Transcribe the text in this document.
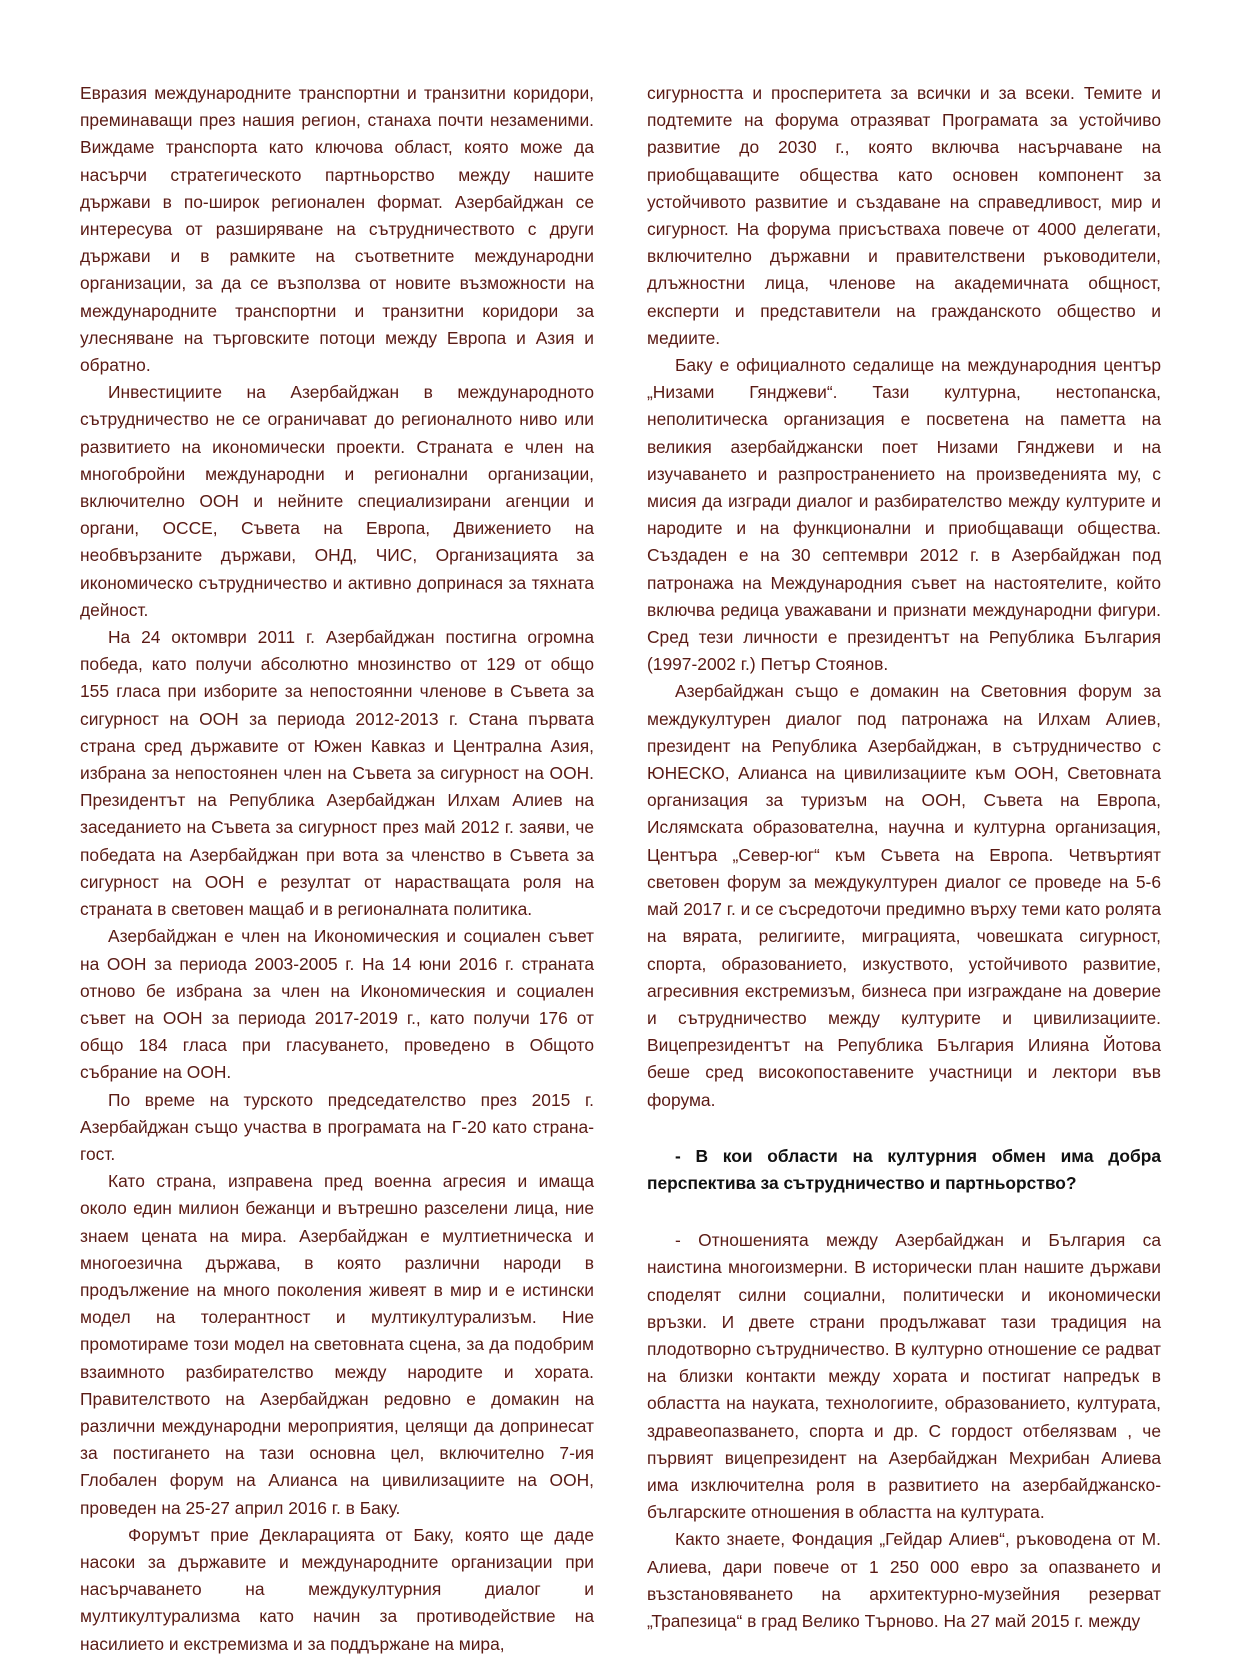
Евразия международните транспортни и транзитни коридори, преминаващи през нашия регион, станаха почти незаменими. Виждаме транспорта като ключова област, която може да насърчи стратегическото партньорство между нашите държави в по-широк регионален формат. Азербайджан се интересува от разширяване на сътрудничеството с други държави и в рамките на съответните международни организации, за да се възползва от новите възможности на международните транспортни и транзитни коридори за улесняване на търговските потоци между Европа и Азия и обратно.

Инвестициите на Азербайджан в международното сътрудничество не се ограничават до регионалното ниво или развитието на икономически проекти. Страната е член на многобройни международни и регионални организации, включително ООН и нейните специализирани агенции и органи, ОССЕ, Съвета на Европа, Движението на необвързаните държави, ОНД, ЧИС, Организацията за икономическо сътрудничество и активно допринася за тяхната дейност.

На 24 октомври 2011 г. Азербайджан постигна огромна победа, като получи абсолютно мнозинство от 129 от общо 155 гласа при изборите за непостоянни членове в Съвета за сигурност на ООН за периода 2012-2013 г. Стана първата страна сред държавите от Южен Кавказ и Централна Азия, избрана за непостоянен член на Съвета за сигурност на ООН. Президентът на Република Азербайджан Илхам Алиев на заседанието на Съвета за сигурност през май 2012 г. заяви, че победата на Азербайджан при вота за членство в Съвета за сигурност на ООН е резултат от нарастващата роля на страната в световен мащаб и в регионалната политика.

Азербайджан е член на Икономическия и социален съвет на ООН за периода 2003-2005 г. На 14 юни 2016 г. страната отново бе избрана за член на Икономическия и социален съвет на ООН за периода 2017-2019 г., като получи 176 от общо 184 гласа при гласуването, проведено в Общото събрание на ООН.

По време на турското председателство през 2015 г. Азербайджан също участва в програмата на Г-20 като страна-гост.

Като страна, изправена пред военна агресия и имаща около един милион бежанци и вътрешно разселени лица, ние знаем цената на мира. Азербайджан е мултиетническа и многоезична държава, в която различни народи в продължение на много поколения живеят в мир и е истински модел на толерантност и мултикултурализъм. Ние промотираме този модел на световната сцена, за да подобрим взаимното разбирателство между народите и хората. Правителството на Азербайджан редовно е домакин на различни международни мероприятия, целящи да допринесат за постигането на тази основна цел, включително 7-ия Глобален форум на Алианса на цивилизациите на ООН, проведен на 25-27 април 2016 г. в Баку.

Форумът прие Декларацията от Баку, която ще даде насоки за държавите и международните организации при насърчаването на междукултурния диалог и мултикултурализма като начин за противодействие на насилието и екстремизма и за поддържане на мира,

сигурността и просперитета за всички и за всеки. Темите и подтемите на форума отразяват Програмата за устойчиво развитие до 2030 г., която включва насърчаване на приобщаващите общества като основен компонент за устойчивото развитие и създаване на справедливост, мир и сигурност. На форума присъстваха повече от 4000 делегати, включително държавни и правителствени ръководители, длъжностни лица, членове на академичната общност, експерти и представители на гражданското общество и медиите.

Баку е официалното седалище на международния център „Низами Гянджеви“. Тази културна, нестопанска, неполитическа организация е посветена на паметта на великия азербайджански поет Низами Гянджеви и на изучаването и разпространението на произведенията му, с мисия да изгради диалог и разбирателство между културите и народите и на функционални и приобщаващи общества. Създаден е на 30 септември 2012 г. в Азербайджан под патронажа на Международния съвет на настоятелите, който включва редица уважавани и признати международни фигури. Сред тези личности е президентът на Република България (1997-2002 г.) Петър Стоянов.

Азербайджан също е домакин на Световния форум за междукултурен диалог под патронажа на Илхам Алиев, президент на Република Азербайджан, в сътрудничество с ЮНЕСКО, Алианса на цивилизациите към ООН, Световната организация за туризъм на ООН, Съвета на Европа, Ислямската образователна, научна и културна организация, Центъра „Север-юг“ към Съвета на Европа. Четвъртият световен форум за междукултурен диалог се проведе на 5-6 май 2017 г. и се съсредоточи предимно върху теми като ролята на вярата, религиите, миграцията, човешката сигурност, спорта, образованието, изкуството, устойчивото развитие, агресивния екстремизъм, бизнеса при изграждане на доверие и сътрудничество между културите и цивилизациите. Вицепрезидентът на Република България Илияна Йотова беше сред високопоставените участници и лектори във форума.

- В кои области на културния обмен има добра перспектива за сътрудничество и партньорство?

- Отношенията между Азербайджан и България са наистина многоизмерни. В исторически план нашите държави споделят силни социални, политически и икономически връзки. И двете страни продължават тази традиция на плодотворно сътрудничество. В културно отношение се радват на близки контакти между хората и постигат напредък в областта на науката, технологиите, образованието, културата, здравеопазването, спорта и др. С гордост отбелязвам , че първият вицепрезидент на Азербайджан Мехрибан Алиева има изключителна роля в развитието на азербайджанско-българските отношения в областта на културата.

Както знаете, Фондация „Гейдар Алиев“, ръководена от М. Алиева, дари повече от 1 250 000 евро за опазването и възстановяването на архитектурно-музейния резерват „Трапезица“ в град Велико Търново. На 27 май 2015 г. между
